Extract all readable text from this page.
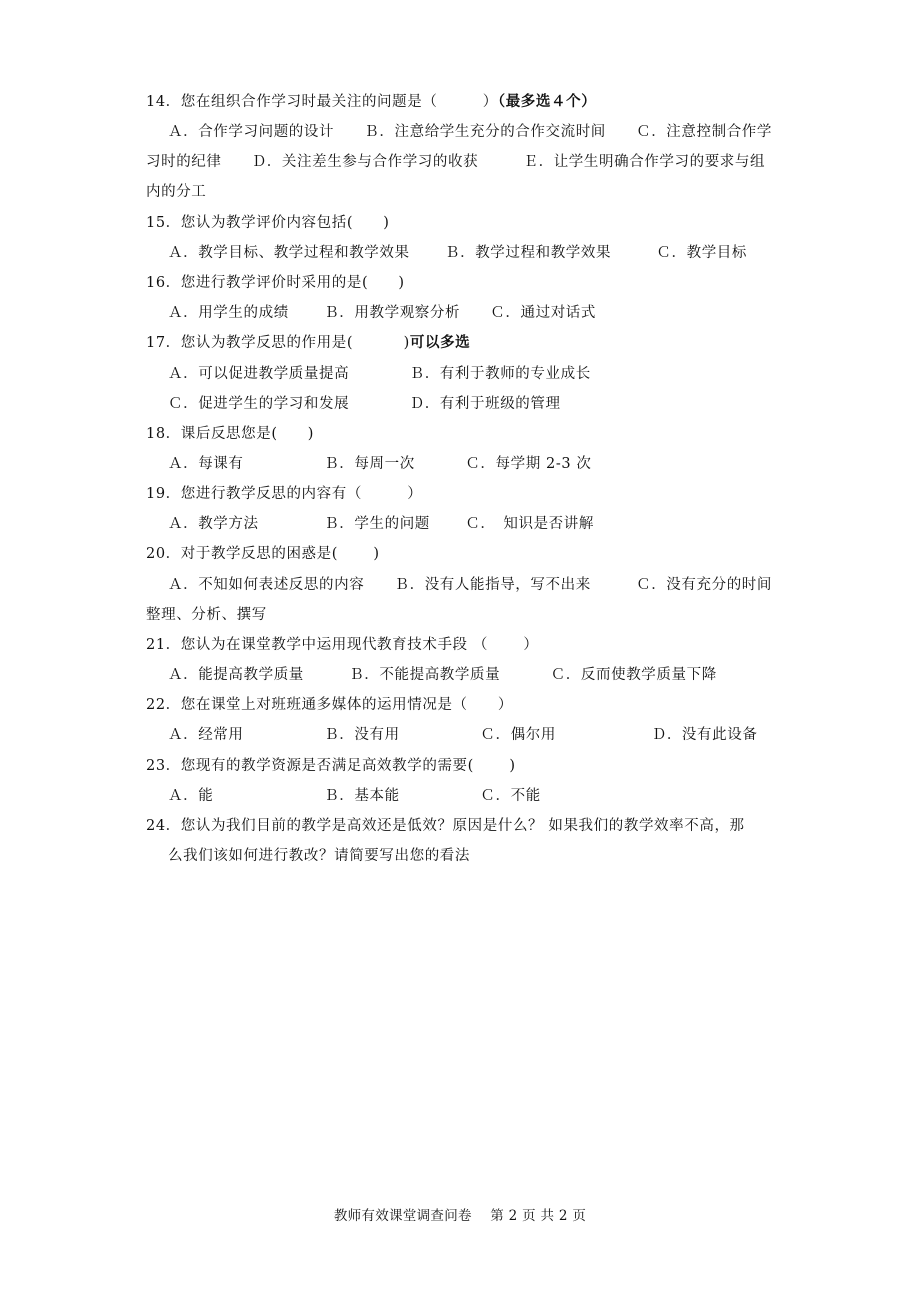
14．您在组织合作学习时最关注的问题是（　　　）（最多选４个）
Ａ．合作学习问题的设计　　Ｂ．注意给学生充分的合作交流时间　　Ｃ．注意控制合作学
习时的纪律　　Ｄ．关注差生参与合作学习的收获　　　Ｅ．让学生明确合作学习的要求与组
内的分工
15．您认为教学评价内容包括(　　)
Ａ．教学目标、教学过程和教学效果　　 Ｂ．教学过程和教学效果　　　Ｃ．教学目标
16．您进行教学评价时采用的是(　　)
Ａ．用学生的成绩　　 Ｂ．用教学观察分析　　Ｃ．通过对话式
17．您认为教学反思的作用是(　　　 )可以多选
Ａ．可以促进教学质量提高　　　　Ｂ．有利于教师的专业成长
Ｃ．促进学生的学习和发展　　　　Ｄ．有利于班级的管理
18．课后反思您是(　　)
Ａ．每课有　　　　　 Ｂ．每周一次　　　 Ｃ．每学期 2-3 次
19．您进行教学反思的内容有（　　　）
Ａ．教学方法　　　　 Ｂ．学生的问题　　 Ｃ．　知识是否讲解
20．对于教学反思的困惑是(　　 )
Ａ．不知如何表述反思的内容　　Ｂ．没有人能指导，写不出来　　　Ｃ．没有充分的时间
整理、分析、撰写
21．您认为在课堂教学中运用现代教育技术手段 （　　 ）
Ａ．能提高教学质量　　　Ｂ．不能提高教学质量　　　 Ｃ．反而使教学质量下降
22．您在课堂上对班班通多媒体的运用情况是（　　）
Ａ．经常用　　　　　 Ｂ．没有用　　　　　 Ｃ．偶尔用　　　　　　 Ｄ．没有此设备
23．您现有的教学资源是否满足高效教学的需要(　　 )
Ａ．能　　　　　　　 Ｂ．基本能　　　　　 Ｃ．不能
24．您认为我们目前的教学是高效还是低效？原因是什么？ 如果我们的教学效率不高，那
么我们该如何进行教改？请简要写出您的看法
教师有效课堂调查问卷　 第 2 页 共 2 页
